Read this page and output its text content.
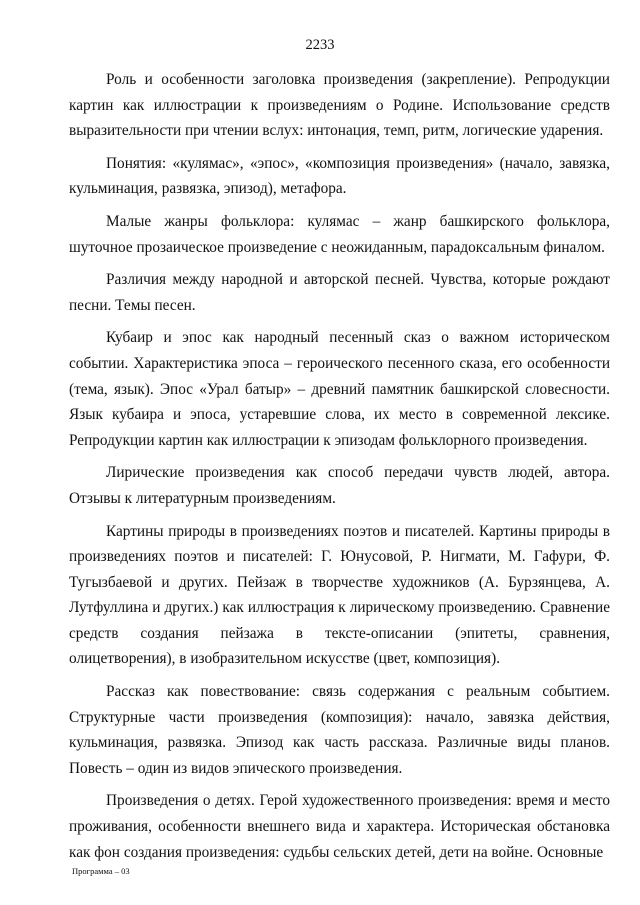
2233

Роль и особенности заголовка произведения (закрепление). Репродукции картин как иллюстрации к произведениям о Родине. Использование средств выразительности при чтении вслух: интонация, темп, ритм, логические ударения.

Понятия: «кулямас», «эпос», «композиция произведения» (начало, завязка, кульминация, развязка, эпизод), метафора.

Малые жанры фольклора: кулямас – жанр башкирского фольклора, шуточное прозаическое произведение с неожиданным, парадоксальным финалом.

Различия между народной и авторской песней. Чувства, которые рождают песни. Темы песен.

Кубаир и эпос как народный песенный сказ о важном историческом событии. Характеристика эпоса – героического песенного сказа, его особенности (тема, язык). Эпос «Урал батыр» – древний памятник башкирской словесности. Язык кубаира и эпоса, устаревшие слова, их место в современной лексике. Репродукции картин как иллюстрации к эпизодам фольклорного произведения.

Лирические произведения как способ передачи чувств людей, автора. Отзывы к литературным произведениям.

Картины природы в произведениях поэтов и писателей. Картины природы в произведениях поэтов и писателей: Г. Юнусовой, Р. Нигмати, М. Гафури, Ф. Тугызбаевой и других. Пейзаж в творчестве художников (А. Бурзянцева, А. Лутфуллина и других.) как иллюстрация к лирическому произведению. Сравнение средств создания пейзажа в тексте-описании (эпитеты, сравнения, олицетворения), в изобразительном искусстве (цвет, композиция).

Рассказ как повествование: связь содержания с реальным событием. Структурные части произведения (композиция): начало, завязка действия, кульминация, развязка. Эпизод как часть рассказа. Различные виды планов. Повесть – один из видов эпического произведения.

Произведения о детях. Герой художественного произведения: время и место проживания, особенности внешнего вида и характера. Историческая обстановка как фон создания произведения: судьбы сельских детей, дети на войне. Основные

Программа – 03
